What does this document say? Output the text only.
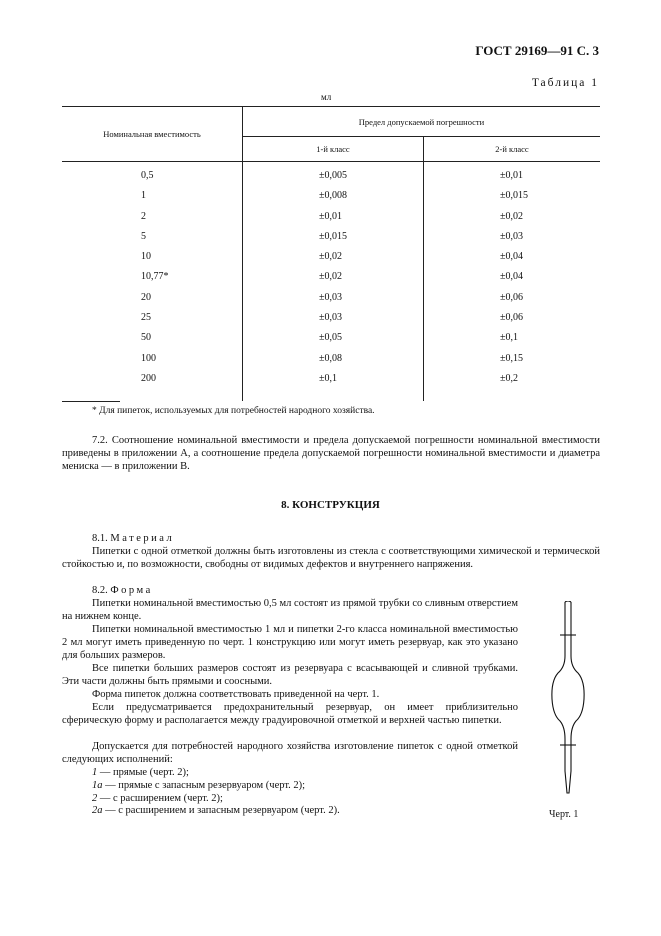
ГОСТ 29169—91 С. 3
Таблица 1
мл
Номинальная вместимость	Предел допускаемой погрешности	
	1-й класс	2-й класс
0,5	±0,005	±0,01
1	±0,008	±0,015
2	±0,01	±0,02
5	±0,015	±0,03
10	±0,02	±0,04
10,77*	±0,02	±0,04
20	±0,03	±0,06
25	±0,03	±0,06
50	±0,05	±0,1
100	±0,08	±0,15
200	±0,1	±0,2
* Для пипеток, используемых для потребностей народного хозяйства.
7.2. Соотношение номинальной вместимости и предела допускаемой погрешности номинальной вместимости приведены в приложении А, а соотношение предела допускаемой погрешности номинальной вместимости и диаметра мениска — в приложении В.
8. КОНСТРУКЦИЯ
8.1. Материал
Пипетки с одной отметкой должны быть изготовлены из стекла с соответствующими химической и термической стойкостью и, по возможности, свободны от видимых дефектов и внутреннего напряжения.
8.2. Форма
Пипетки номинальной вместимостью 0,5 мл состоят из прямой трубки со сливным отверстием на нижнем конце.
Пипетки номинальной вместимостью 1 мл и пипетки 2-го класса номинальной вместимостью 2 мл могут иметь приведенную по черт. 1 конструкцию или могут иметь резервуар, как это указано для больших размеров.
Все пипетки больших размеров состоят из резервуара с всасывающей и сливной трубками. Эти части должны быть прямыми и соосными.
Форма пипеток должна соответствовать приведенной на черт. 1.
Если предусматривается предохранительный резервуар, он имеет приблизительно сферическую форму и располагается между градуировочной отметкой и верхней частью пипетки.
Допускается для потребностей народного хозяйства изготовление пипеток с одной отметкой следующих исполнений:
1 — прямые (черт. 2);
1а — прямые с запасным резервуаром (черт. 2);
2 — с расширением (черт. 2);
2а — с расширением и запасным резервуаром (черт. 2).	Черт. 1
